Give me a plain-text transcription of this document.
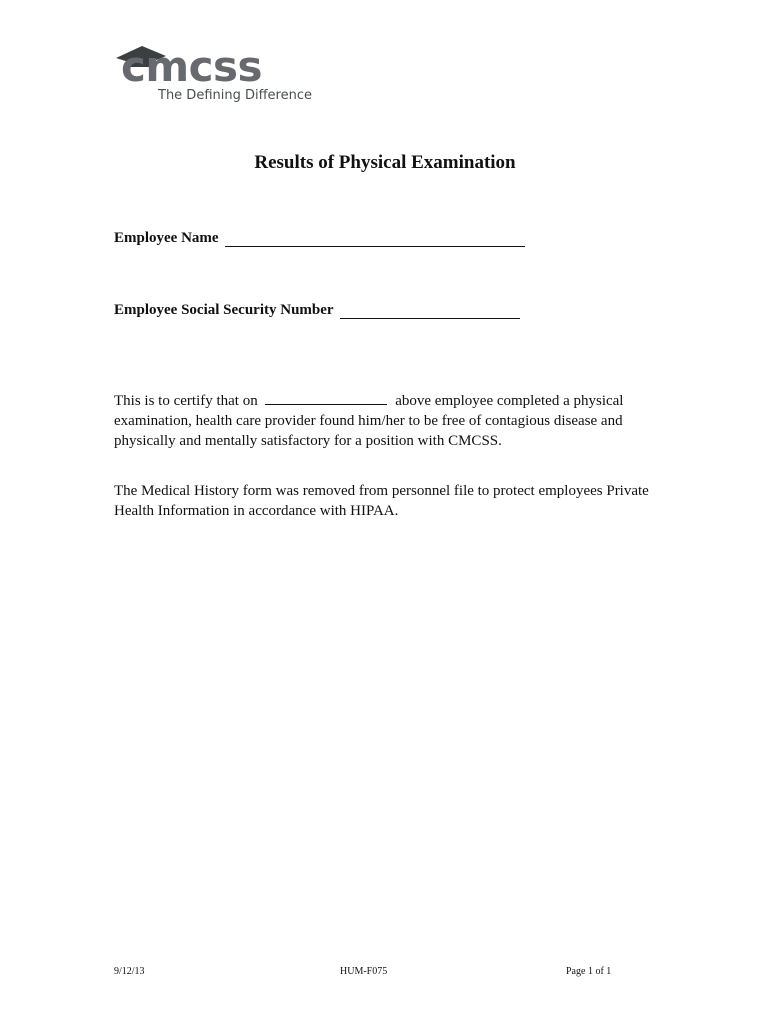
cmcss
The Defining Difference
Results of Physical Examination
Employee Name
Employee Social Security Number

This is to certify that on	above employee completed a physical examination, health care provider found him/her to be free of contagious disease and physically and mentally satisfactory for a position with CMCSS.

The Medical History form was removed from personnel file to protect employees Private Health Information in accordance with HIPAA.

9/12/13	HUM-F075	Page 1 of 1
